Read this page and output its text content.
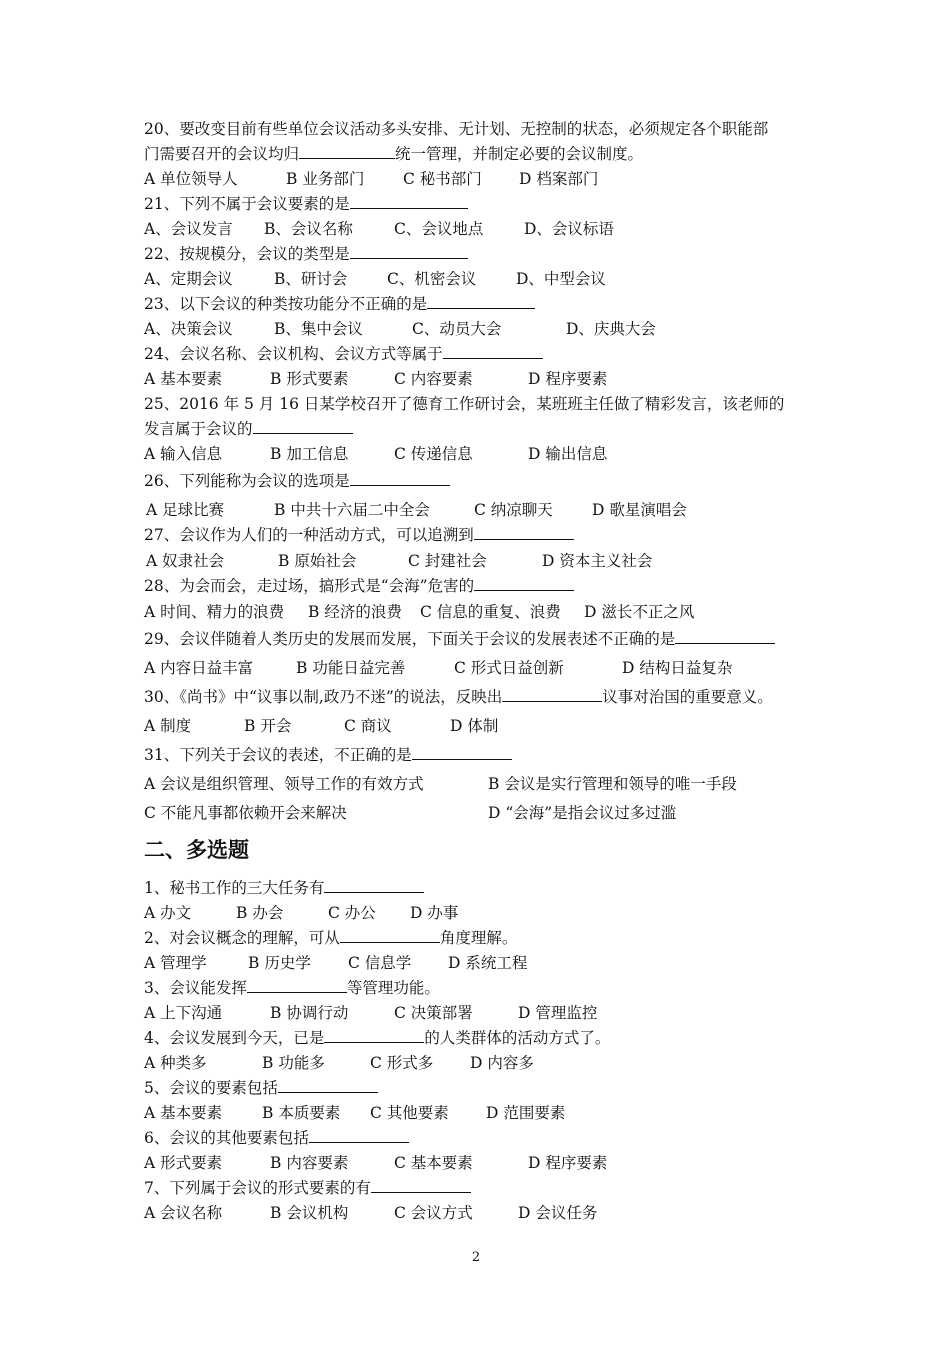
20、要改变目前有些单位会议活动多头安排、无计划、无控制的状态，必须规定各个职能部
门需要召开的会议均归	统一管理，并制定必要的会议制度。
A 单位领导人	B 业务部门 C 秘书部门 D 档案部门
21、下列不属于会议要素的是
A、会议发言 B、会议名称	C、会议地点	D、会议标语
22、按规模分，会议的类型是
A、定期会议	B、研讨会	C、机密会议	D、中型会议
23、以下会议的种类按功能分不正确的是
A、决策会议	B、集中会议	C、动员大会	D、庆典大会
24、会议名称、会议机构、会议方式等属于
A 基本要素	B 形式要素	C 内容要素	D 程序要素
25、2016 年 5 月 16 日某学校召开了德育工作研讨会，某班班主任做了精彩发言，该老师的
发言属于会议的
A 输入信息	B 加工信息	C 传递信息	D 输出信息
26、下列能称为会议的选项是
A 足球比赛	B 中共十六届二中全会	C 纳凉聊天	D 歌星演唱会
27、会议作为人们的一种活动方式，可以追溯到
A 奴隶社会	B 原始社会	C 封建社会	D 资本主义社会
28、为会而会，走过场，搞形式是“会海”危害的
A 时间、精力的浪费 B 经济的浪费 C 信息的重复、浪费 D 滋长不正之风
29、会议伴随着人类历史的发展而发展，下面关于会议的发展表述不正确的是
A 内容日益丰富	B 功能日益完善	C 形式日益创新	D 结构日益复杂
30、《尚书》中“议事以制,政乃不迷”的说法，反映出	议事对治国的重要意义。
A 制度	B 开会	C 商议	D 体制
31、下列关于会议的表述，不正确的是
A 会议是组织管理、领导工作的有效方式	B 会议是实行管理和领导的唯一手段
C 不能凡事都依赖开会来解决	D “会海”是指会议过多过滥
二、多选题
1、秘书工作的三大任务有
A 办文	B 办会	C 办公 D 办事
2、对会议概念的理解，可从	角度理解。
A 管理学	B 历史学 C 信息学 D 系统工程
3、会议能发挥	等管理功能。
A 上下沟通	B 协调行动	C 决策部署	D 管理监控
4、会议发展到今天，已是	的人类群体的活动方式了。
A 种类多	B 功能多	C 形式多 D 内容多
5、会议的要素包括
A 基本要素	B 本质要素 C 其他要素 D 范围要素
6、会议的其他要素包括
A 形式要素	B 内容要素	C 基本要素	D 程序要素
7、下列属于会议的形式要素的有
A 会议名称	B 会议机构	C 会议方式	D 会议任务
2
